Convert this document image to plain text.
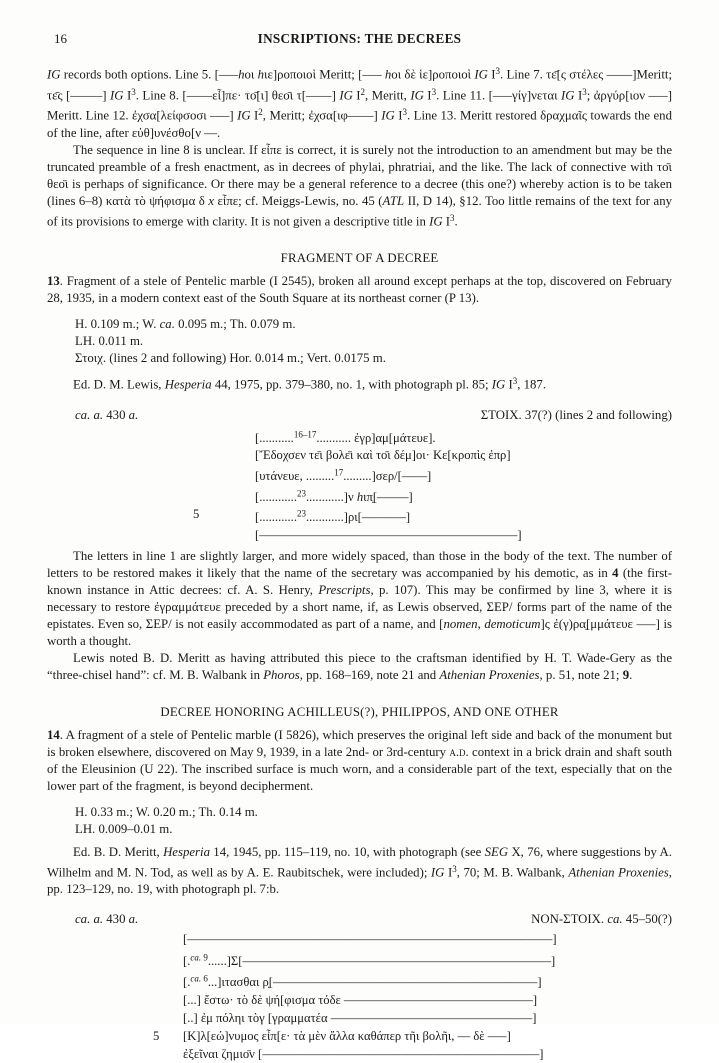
16	INSCRIPTIONS: THE DECREES

IG records both options. Line 5. [–––hοι hιε]ροποιοὶ Meritt; [––– hοι δὲ ἱε]ροποιοὶ IG $I^3$. Line 7. τε̄[ς στέλες ––––]Meritt; τε̄ς [–––––] IG $I^3$. Line 8. [––––εἶ]πε· το̄[ι] θεο̄ι τ[––––] IG $I^2$, Meritt, IG $I^3$. Line 11. [–––γίγ]νεται IG $I^3$; ἀργύρ[ιον –––] Meritt. Line 12. ἐχσα[λείφσοσι –––] IG $I^2$, Meritt; ἐχσα[ιφ––––] IG $I^3$. Line 13. Meritt restored δραχμαῖς towards the end of the line, after εὐθ]υνέσθο[ν ––.

The sequence in line 8 is unclear. If εἶπε is correct, it is surely not the introduction to an amendment but may be the truncated preamble of a fresh enactment, as in decrees of phylai, phratriai, and the like. The lack of connective with το̄ι θεο̄ι is perhaps of significance. Or there may be a general reference to a decree (this one?) whereby action is to be taken (lines 6–8) κατὰ τὸ ψήφισμα δ x εἶπε; cf. Meiggs-Lewis, no. 45 (ATL II, D 14), §12. Too little remains of the text for any of its provisions to emerge with clarity. It is not given a descriptive title in IG $I^3$.

FRAGMENT OF A DECREE

13. Fragment of a stele of Pentelic marble (I 2545), broken all around except perhaps at the top, discovered on February 28, 1935, in a modern context east of the South Square at its northeast corner (P 13).

H. 0.109 m.; W. ca. 0.095 m.; Th. 0.079 m.
LH. 0.011 m.
Στοιχ. (lines 2 and following) Hor. 0.014 m.; Vert. 0.0175 m.

Ed. D. M. Lewis, Hesperia 44, 1975, pp. 379–380, no. 1, with photograph pl. 85; IG $I^3$, 187.

ca. a. 430 a.	ΣΤΟΙΧ. 37(?) (lines 2 and following)
[...........$^{16-17}$........... ἐγρ]αμ[μάτευε].
[Ἔδοχσεν τε̄ι βολε̄ι καὶ το̄ι δέμ]οι· Κε[κροπὶς ἐπρ]
[υτάνευε, .........$^{17}$.........]σερ/[––––]
[............$^{23}$............]ν hιπ̣[–––––]
5	[............$^{23}$............]ρι[–––––––]
[–––––––––––––––––––––––––––––––––––––––––]

The letters in line 1 are slightly larger, and more widely spaced, than those in the body of the text. The number of letters to be restored makes it likely that the name of the secretary was accompanied by his demotic, as in 4 (the first-known instance in Attic decrees: cf. A. S. Henry, Prescripts, p. 107). This may be confirmed by line 3, where it is necessary to restore ἐγραμμάτευε preceded by a short name, if, as Lewis observed, ΣΕΡ/ forms part of the name of the epistates. Even so, ΣΕΡ/ is not easily accommodated as part of a name, and [nomen, demoticum]ς ἐ(γ)ρα̣[μμάτευε –––] is worth a thought.

Lewis noted B. D. Meritt as having attributed this piece to the craftsman identified by H. T. Wade-Gery as the “three-chisel hand”: cf. M. B. Walbank in Phoros, pp. 168–169, note 21 and Athenian Proxenies, p. 51, note 21; 9.

DECREE HONORING ACHILLEUS(?), PHILIPPOS, AND ONE OTHER

14. A fragment of a stele of Pentelic marble (I 5826), which preserves the original left side and back of the monument but is broken elsewhere, discovered on May 9, 1939, in a late 2nd- or 3rd-century a.d. context in a brick drain and shaft south of the Eleusinion (U 22). The inscribed surface is much worn, and a considerable part of the text, especially that on the lower part of the fragment, is beyond decipherment.

H. 0.33 m.; W. 0.20 m.; Th. 0.14 m.
LH. 0.009–0.01 m.

Ed. B. D. Meritt, Hesperia 14, 1945, pp. 115–119, no. 10, with photograph (see SEG X, 76, where suggestions by A. Wilhelm and M. N. Tod, as well as by A. E. Raubitschek, were included); IG $I^3$, 70; M. B. Walbank, Athenian Proxenies, pp. 123–129, no. 19, with photograph pl. 7:b.

ca. a. 430 a.	NON-ΣΤΟΙΧ. ca. 45–50(?)
[––––––––––––––––––––––––––––––––––––––––––––––––––––––––––]
[.$^{ca. 9}$......]Σ[–––––––––––––––––––––––––––––––––––––––––––––––––]
[.$^{ca. 6}$...]ιτασθαι ρ̣[––––––––––––––––––––––––––––––––––––––––––]
[...] ἔστω· τὸ δὲ ψή[φισμα τόδε ––––––––––––––––––––––––––––––]
[..] ἐμ πόληι τὸγ [γραμματέα ––––––––––––––––––––––––––––––––]
5 [Κ]λ[εώ]νυμος εἶπ[ε· τὰ μὲν ἄλλα καθάπερ τῆι βολῆι, –– δὲ –––]
ἐξεῖναι ζημιο̄ν [––––––––––––––––––––––––––––––––––––––––––––]
